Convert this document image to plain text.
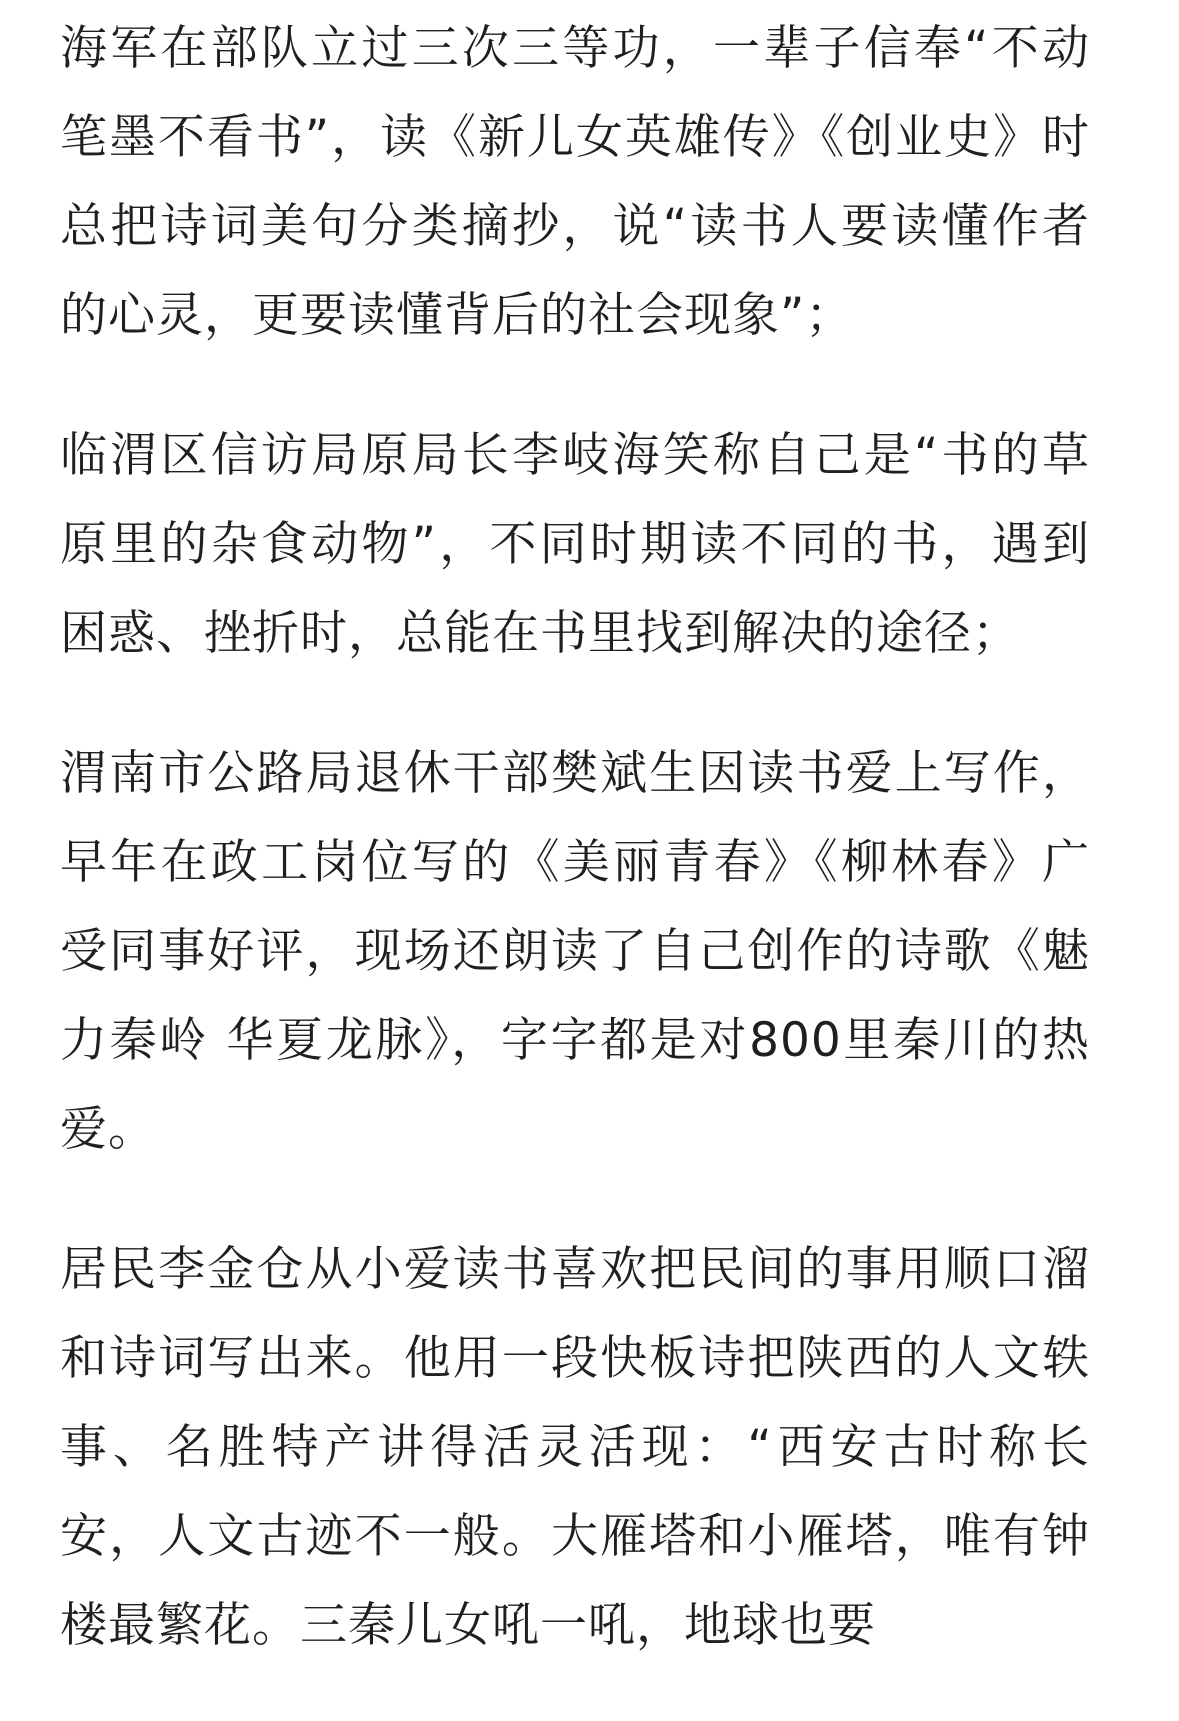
海军在部队立过三次三等功，一辈子信奉“不动笔墨不看书”，读《新儿女英雄传》《创业史》时总把诗词美句分类摘抄，说“读书人要读懂作者的心灵，更要读懂背后的社会现象”；

临渭区信访局原局长李岐海笑称自己是“书的草原里的杂食动物”，不同时期读不同的书，遇到困惑、挫折时，总能在书里找到解决的途径；

渭南市公路局退休干部樊斌生因读书爱上写作，早年在政工岗位写的《美丽青春》《柳林春》广受同事好评，现场还朗读了自己创作的诗歌《魅力秦岭 华夏龙脉》，字字都是对800里秦川的热爱。

居民李金仓从小爱读书喜欢把民间的事用顺口溜和诗词写出来。他用一段快板诗把陕西的人文轶事、名胜特产讲得活灵活现：“西安古时称长安，人文古迹不一般。大雁塔和小雁塔，唯有钟楼最繁花。三秦儿女吼一吼，地球也要
